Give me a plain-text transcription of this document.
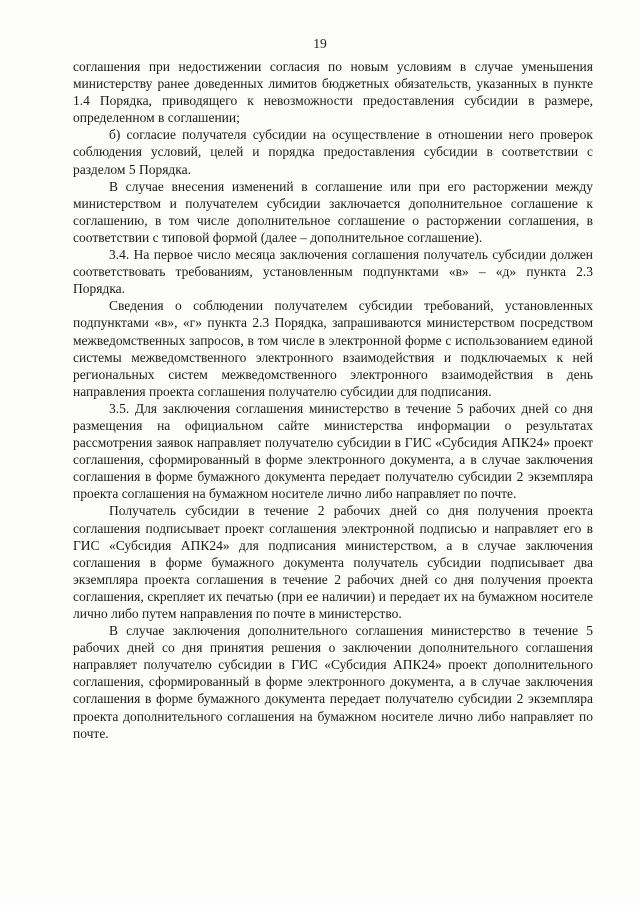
19

соглашения при недостижении согласия по новым условиям в случае уменьшения министерству ранее доведенных лимитов бюджетных обязательств, указанных в пункте 1.4 Порядка, приводящего к невозможности предоставления субсидии в размере, определенном в соглашении;

б) согласие получателя субсидии на осуществление в отношении него проверок соблюдения условий, целей и порядка предоставления субсидии в соответствии с разделом 5 Порядка.

В случае внесения изменений в соглашение или при его расторжении между министерством и получателем субсидии заключается дополнительное соглашение к соглашению, в том числе дополнительное соглашение о расторжении соглашения, в соответствии с типовой формой (далее – дополнительное соглашение).

3.4. На первое число месяца заключения соглашения получатель субсидии должен соответствовать требованиям, установленным подпунктами «в» – «д» пункта 2.3 Порядка.

Сведения о соблюдении получателем субсидии требований, установленных подпунктами «в», «г» пункта 2.3 Порядка, запрашиваются министерством посредством межведомственных запросов, в том числе в электронной форме с использованием единой системы межведомственного электронного взаимодействия и подключаемых к ней региональных систем межведомственного электронного взаимодействия в день направления проекта соглашения получателю субсидии для подписания.

3.5. Для заключения соглашения министерство в течение 5 рабочих дней со дня размещения на официальном сайте министерства информации о результатах рассмотрения заявок направляет получателю субсидии в ГИС «Субсидия АПК24» проект соглашения, сформированный в форме электронного документа, а в случае заключения соглашения в форме бумажного документа передает получателю субсидии 2 экземпляра проекта соглашения на бумажном носителе лично либо направляет по почте.

Получатель субсидии в течение 2 рабочих дней со дня получения проекта соглашения подписывает проект соглашения электронной подписью и направляет его в ГИС «Субсидия АПК24» для подписания министерством, а в случае заключения соглашения в форме бумажного документа получатель субсидии подписывает два экземпляра проекта соглашения в течение 2 рабочих дней со дня получения проекта соглашения, скрепляет их печатью (при ее наличии) и передает их на бумажном носителе лично либо путем направления по почте в министерство.

В случае заключения дополнительного соглашения министерство в течение 5 рабочих дней со дня принятия решения о заключении дополнительного соглашения направляет получателю субсидии в ГИС «Субсидия АПК24» проект дополнительного соглашения, сформированный в форме электронного документа, а в случае заключения соглашения в форме бумажного документа передает получателю субсидии 2 экземпляра проекта дополнительного соглашения на бумажном носителе лично либо направляет по почте.
